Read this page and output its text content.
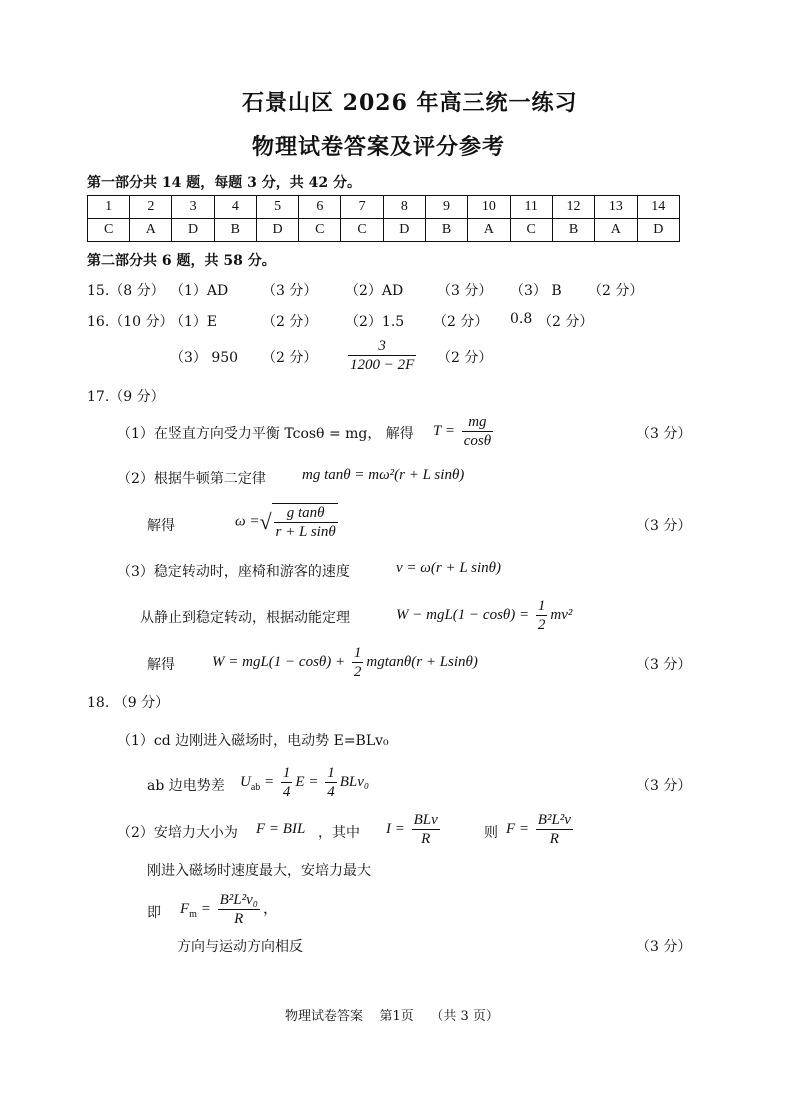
石景山区 2026 年高三统一练习
物理试卷答案及评分参考
第一部分共 14 题，每题 3 分，共 42 分。
1	2	3	4	5	6	7	8	9	10	11	12	13	14
C	A	D	B	D	C	C	D	B	A	C	B	A	D
第二部分共 6 题，共 58 分。
15.（8 分） （1）AD （3 分） （2）AD （3 分） （3） B （2 分）
16.（10 分）
（1）E	（2 分） （2）1.5 （2 分） 0.8 （2 分）
（3） 950 （2 分） $\frac{3}{1200 - 2F} (2$ 分）
17.（9 分）
（1）在竖直方向受力平衡 Tcosθ = mg， 解得 $T = \frac{mg}{\cos\theta}$	（3 分）
（2）根据牛顿第二定律 mg tanθ = mω²(r + L sinθ)
解得	ω =√ $\frac{\text{g tanθ}}{\text{r + L sinθ}}$	（3 分）
（3）稳定转动时，座椅和游客的速度	v = ω(r + L sinθ)
从静止到稳定转动，根据动能定理	$W - mgL(1 - \cos\theta) = \frac{1}{2} mv^2$
解得 $W = mgL(1 - \cos\theta) + \frac{1}{2} mgtan\theta(r + Lsin\theta)$	（3 分）
18. （9 分）
（1）cd 边刚进入磁场时，电动势 E=BLv₀
ab 边电势差 $U_{ab} = \frac{1}{4}$ $E = \frac{1}{4} BLv_0$	（3 分）
（2）安培力大小为 F = BIL ，其中 $I = \frac{\text{BLv}}{R}$	则 $F = \frac{\text{B²L²v}}{R}$
刚进入磁场时速度最大，安培力最大
即 $F_m = \frac{\text{B²L²v₀}}{R}$ ，
方向与运动方向相反	（3 分）
物理试卷答案    第1页    （共 3 页）
